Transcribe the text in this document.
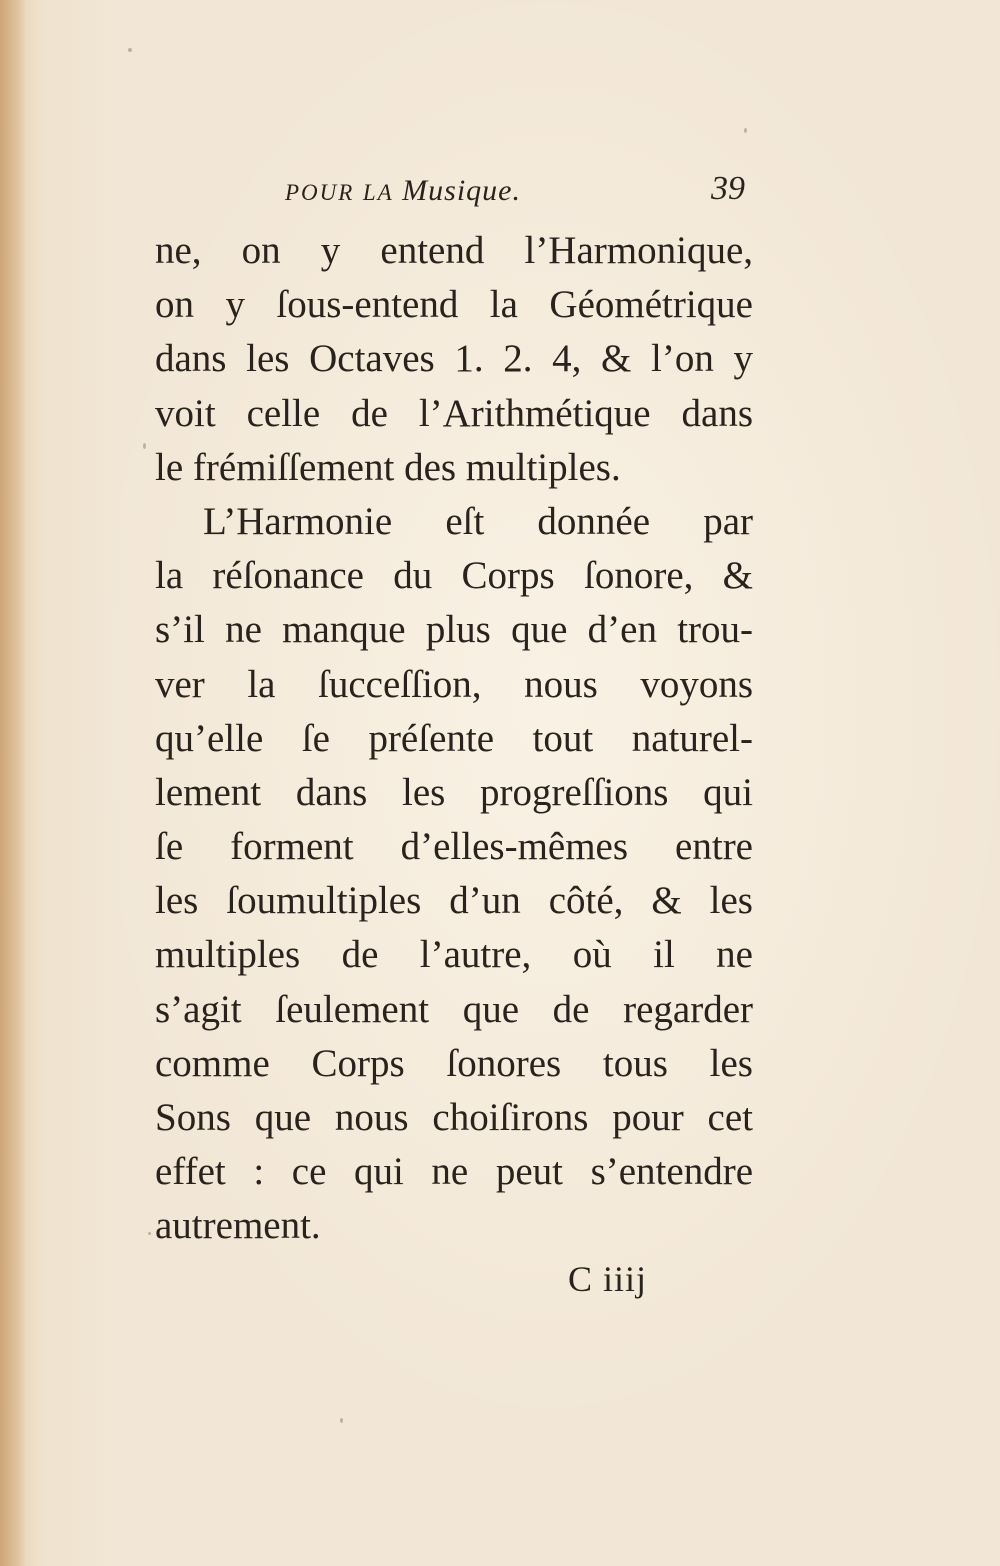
POUR LA Musique.	39
ne, on y entend l’Harmonique,
on y ſous-entend la Géométrique
dans les Octaves 1. 2. 4, & l’on y
voit celle de l’Arithmétique dans
le frémiſſement des multiples.
L’Harmonie eſt donnée par
la réſonance du Corps ſonore, &
s’il ne manque plus que d’en trou-
ver la ſucceſſion, nous voyons
qu’elle ſe préſente tout naturel-
lement dans les progreſſions qui
ſe forment d’elles-mêmes entre
les ſoumultiples d’un côté, & les
multiples de l’autre, où il ne
s’agit ſeulement que de regarder
comme Corps ſonores tous les
Sons que nous choiſirons pour cet
effet : ce qui ne peut s’entendre
autrement.
C iiij
